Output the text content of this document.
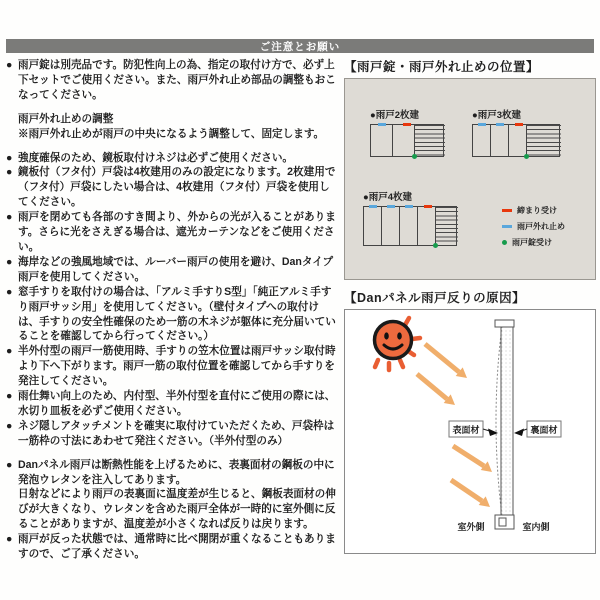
ご注意とお願い
● 雨戸錠は別売品です。防犯性向上の為、指定の取付け方で、必ず上下セットでご使用ください。また、雨戸外れ止め部品の調整もおこなってください。
雨戸外れ止めの調整
※雨戸外れ止めが雨戸の中央になるよう調整して、固定します。
● 強度確保のため、鏡板取付けネジは必ずご使用ください。
● 鏡板付（フタ付）戸袋は4枚建用のみの設定になります。2枚建用で（フタ付）戸袋にしたい場合は、4枚建用（フタ付）戸袋を使用してください。
● 雨戸を閉めても各部のすき間より、外からの光が入ることがあります。さらに光をさえぎる場合は、遮光カーテンなどをご使用ください。
● 海岸などの強風地域では、ルーバー雨戸の使用を避け、Danタイプ雨戸を使用してください。
● 窓手すりを取付けの場合は、「アルミ手すりS型」「純正アルミ手すり雨戸サッシ用」を使用してください。（壁付タイプへの取付けは、手すりの安全性確保のため一筋の木ネジが躯体に充分届いていることを確認してから行ってください。）
● 半外付型の雨戸一筋使用時、手すりの笠木位置は雨戸サッシ取付時より下へ下がります。雨戸一筋の取付位置を確認してから手すりを発注してください。
● 雨仕舞い向上のため、内付型、半外付型を直付にご使用の際には、水切り皿板を必ずご使用ください。
● ネジ隠しアタッチメントを確実に取付けていただくため、戸袋枠は一筋枠の寸法にあわせて発注ください。（半外付型のみ）
● Danパネル雨戸は断熱性能を上げるために、表裏面材の鋼板の中に発泡ウレタンを注入してあります。
日射などにより雨戸の表裏面に温度差が生じると、鋼板表面材の伸びが大きくなり、ウレタンを含めた雨戸全体が一時的に室外側に反ることがありますが、温度差が小さくなれば反りは戻ります。
● 雨戸が反った状態では、通常時に比べ開閉が重くなることもありますので、ご了承ください。
【雨戸錠・雨戸外れ止めの位置】
●雨戸2枚建	●雨戸3枚建
●雨戸4枚建
締まり受け
雨戸外れ止め
雨戸錠受け
【Danパネル雨戸反りの原因】
表面材	裏面材
室外側	室内側
